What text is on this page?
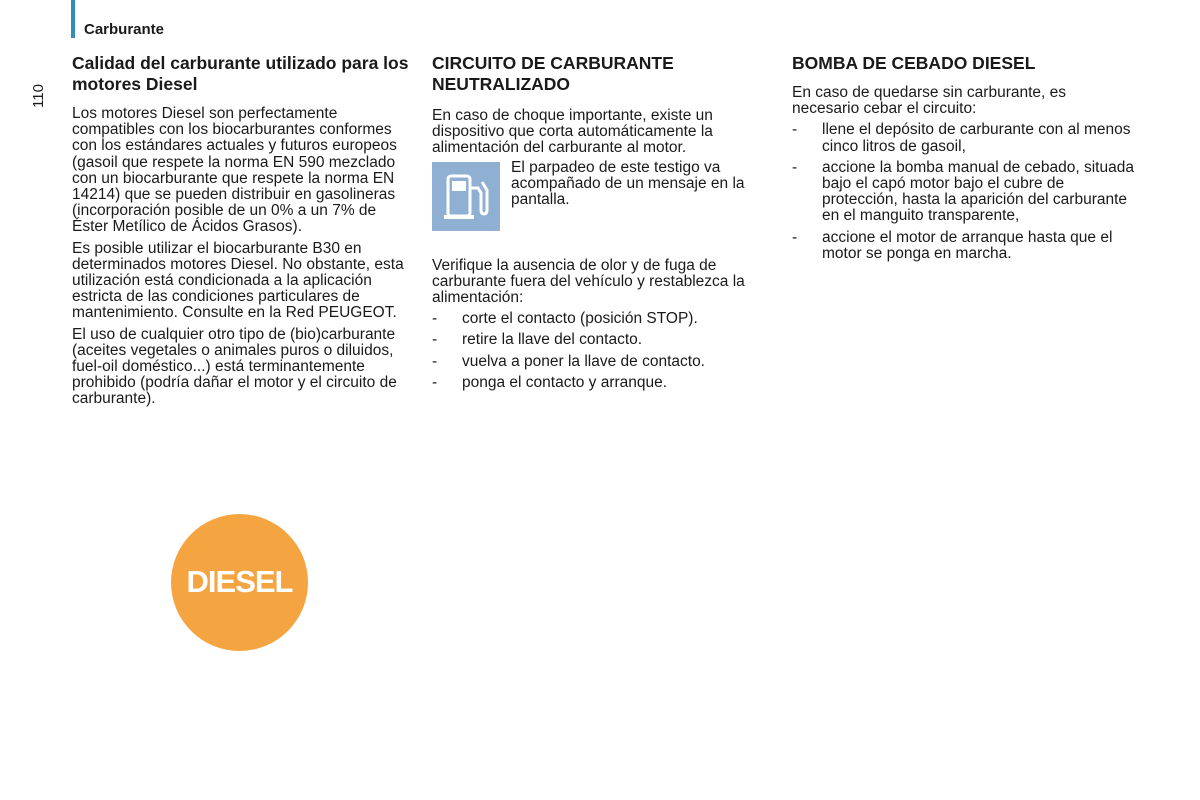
Carburante
110
Calidad del carburante utilizado para los motores Diesel

Los motores Diesel son perfectamente compatibles con los biocarburantes conformes con los estándares actuales y futuros europeos (gasoil que respete la norma EN 590 mezclado con un biocarburante que respete la norma EN 14214) que se pueden distribuir en gasolineras (incorporación posible de un 0% a un 7% de Éster Metílico de Ácidos Grasos).

Es posible utilizar el biocarburante B30 en determinados motores Diesel. No obstante, esta utilización está condicionada a la aplicación estricta de las condiciones particulares de mantenimiento. Consulte en la Red PEUGEOT.

El uso de cualquier otro tipo de (bio)carburante (aceites vegetales o animales puros o diluidos, fuel-oil doméstico...) está terminantemente prohibido (podría dañar el motor y el circuito de carburante).

CIRCUITO DE CARBURANTE NEUTRALIZADO

En caso de choque importante, existe un dispositivo que corta automáticamente la alimentación del carburante al motor.

El parpadeo de este testigo va acompañado de un mensaje en la pantalla.

Verifique la ausencia de olor y de fuga de carburante fuera del vehículo y restablezca la alimentación:

- corte el contacto (posición STOP).
- retire la llave del contacto.
- vuelva a poner la llave de contacto.
- ponga el contacto y arranque.
BOMBA DE CEBADO DIESEL

En caso de quedarse sin carburante, es necesario cebar el circuito:

- llene el depósito de carburante con al menos cinco litros de gasoil,
- accione la bomba manual de cebado, situada bajo el capó motor bajo el cubre de protección, hasta la aparición del carburante en el manguito transparente,
- accione el motor de arranque hasta que el motor se ponga en marcha.
DIESEL
